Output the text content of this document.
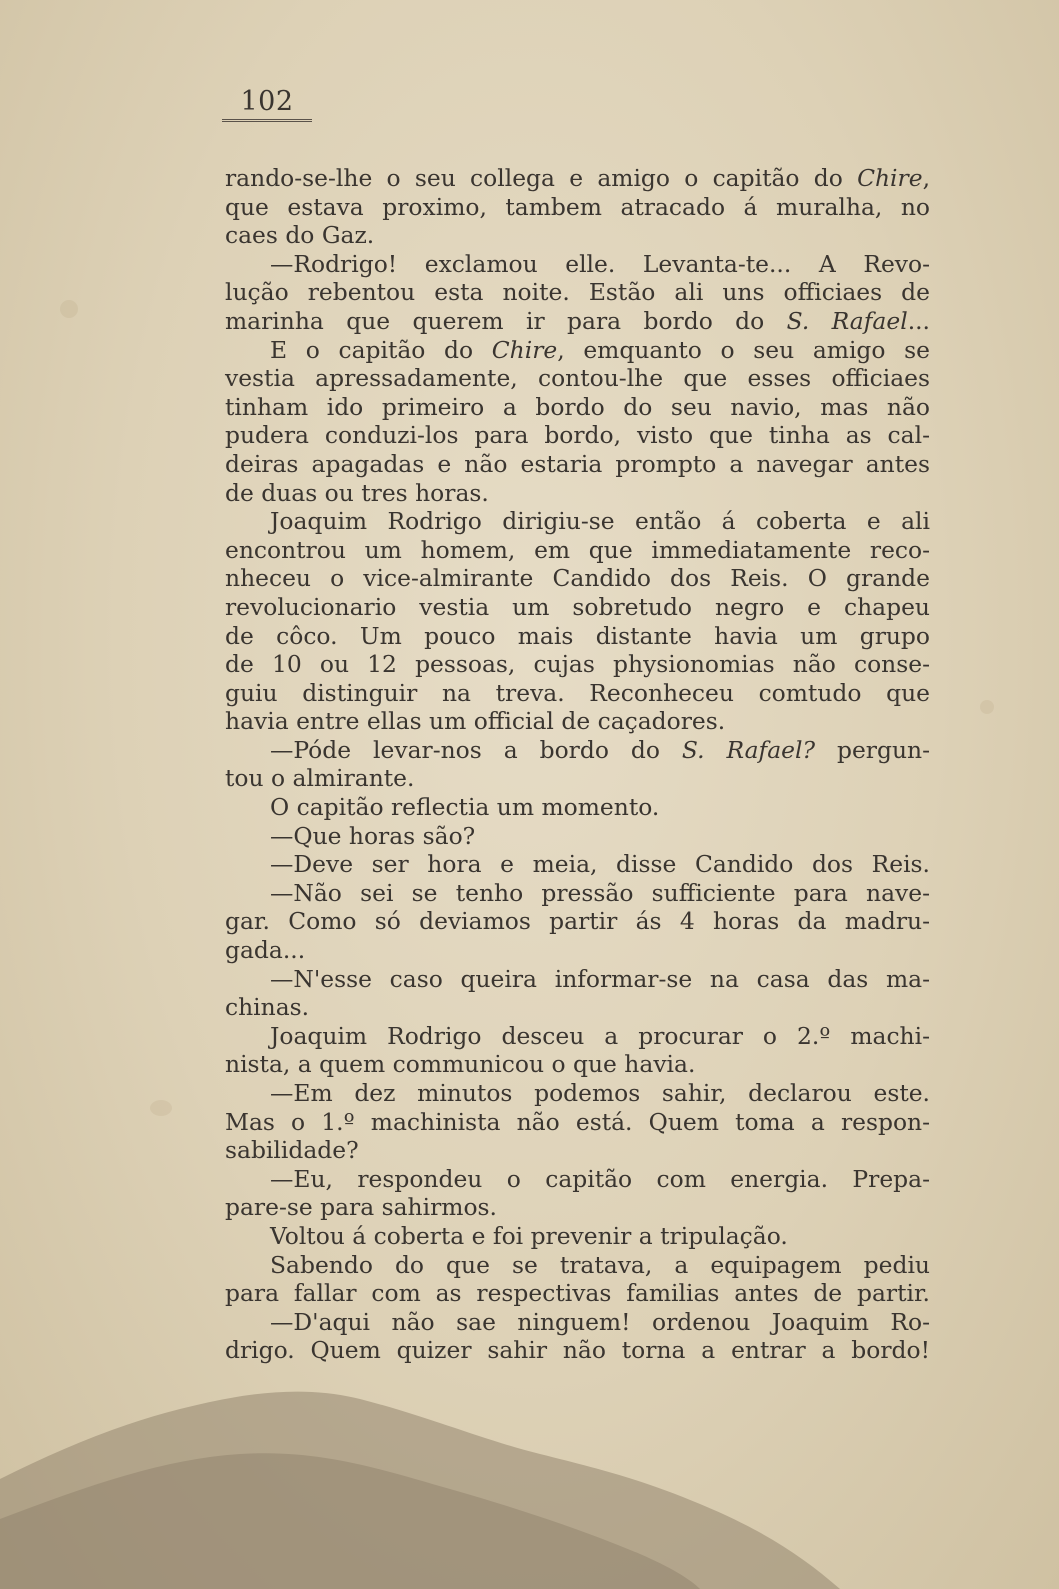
102
rando-se-lhe o seu collega e amigo o capitão do Chire,
que estava proximo, tambem atracado á muralha, no
caes do Gaz.
—Rodrigo! exclamou elle. Levanta-te... A Revo-
lução rebentou esta noite. Estão ali uns officiaes de
marinha que querem ir para bordo do S. Rafael...
E o capitão do Chire, emquanto o seu amigo se
vestia apressadamente, contou-lhe que esses officiaes
tinham ido primeiro a bordo do seu navio, mas não
pudera conduzi-los para bordo, visto que tinha as cal-
deiras apagadas e não estaria prompto a navegar antes
de duas ou tres horas.
Joaquim Rodrigo dirigiu-se então á coberta e ali
encontrou um homem, em que immediatamente reco-
nheceu o vice-almirante Candido dos Reis. O grande
revolucionario vestia um sobretudo negro e chapeu
de côco. Um pouco mais distante havia um grupo
de 10 ou 12 pessoas, cujas physionomias não conse-
guiu distinguir na treva. Reconheceu comtudo que
havia entre ellas um official de caçadores.
—Póde levar-nos a bordo do S. Rafael? pergun-
tou o almirante.
O capitão reflectia um momento.
—Que horas são?
—Deve ser hora e meia, disse Candido dos Reis.
—Não sei se tenho pressão sufficiente para nave-
gar. Como só deviamos partir ás 4 horas da madru-
gada...
—N'esse caso queira informar-se na casa das ma-
chinas.
Joaquim Rodrigo desceu a procurar o 2.º machi-
nista, a quem communicou o que havia.
—Em dez minutos podemos sahir, declarou este.
Mas o 1.º machinista não está. Quem toma a respon-
sabilidade?
—Eu, respondeu o capitão com energia. Prepa-
pare-se para sahirmos.
Voltou á coberta e foi prevenir a tripulação.
Sabendo do que se tratava, a equipagem pediu
para fallar com as respectivas familias antes de partir.
—D'aqui não sae ninguem! ordenou Joaquim Ro-
drigo. Quem quizer sahir não torna a entrar a bordo!
